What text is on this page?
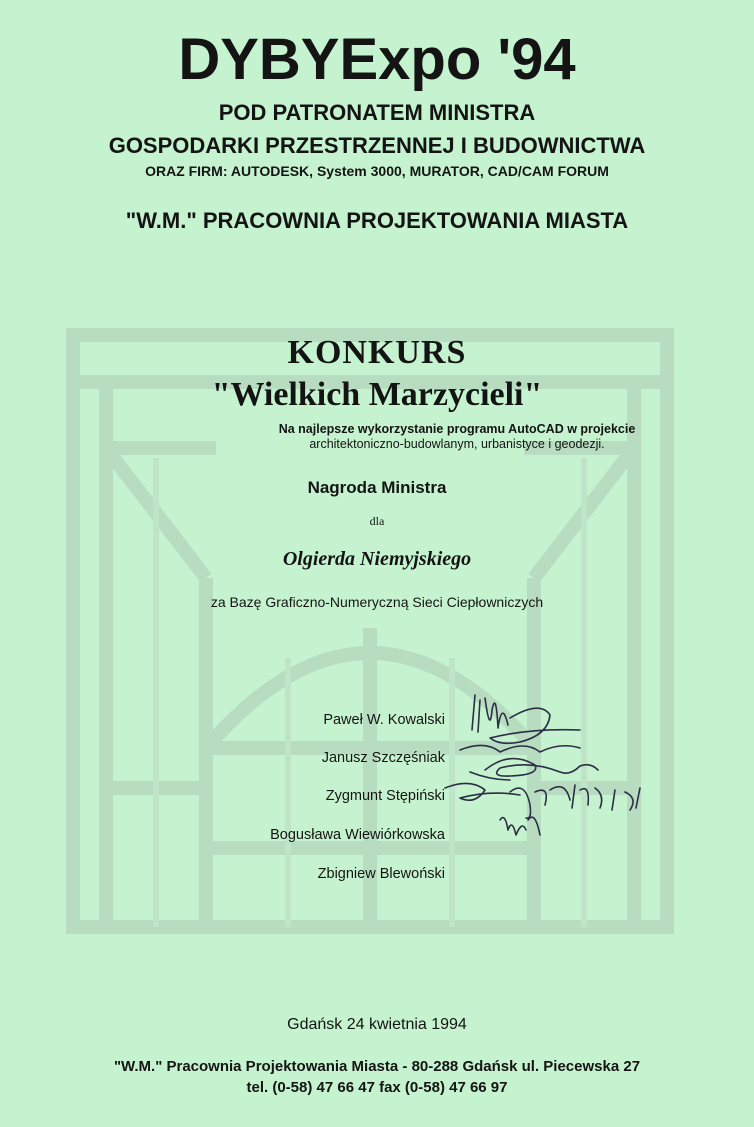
DYBYExpo '94
POD PATRONATEM MINISTRA
GOSPODARKI PRZESTRZENNEJ I BUDOWNICTWA
ORAZ FIRM: AUTODESK, System 3000, MURATOR, CAD/CAM FORUM
"W.M." PRACOWNIA PROJEKTOWANIA MIASTA
KONKURS
"Wielkich Marzycieli"
Na najlepsze wykorzystanie programu AutoCAD w projekcie
architektoniczno-budowlanym, urbanistyce i geodezji.
Nagroda Ministra
dla
Olgierda Niemyjskiego
za Bazę Graficzno-Numeryczną Sieci Ciepłowniczych
Paweł W. Kowalski
Janusz Szczęśniak
Zygmunt Stępiński
Bogusława Wiewiórkowska
Zbigniew Blewoński
Gdańsk 24 kwietnia 1994
"W.M." Pracownia Projektowania Miasta - 80-288 Gdańsk ul. Piecewska 27
tel. (0-58) 47 66 47 fax (0-58) 47 66 97
